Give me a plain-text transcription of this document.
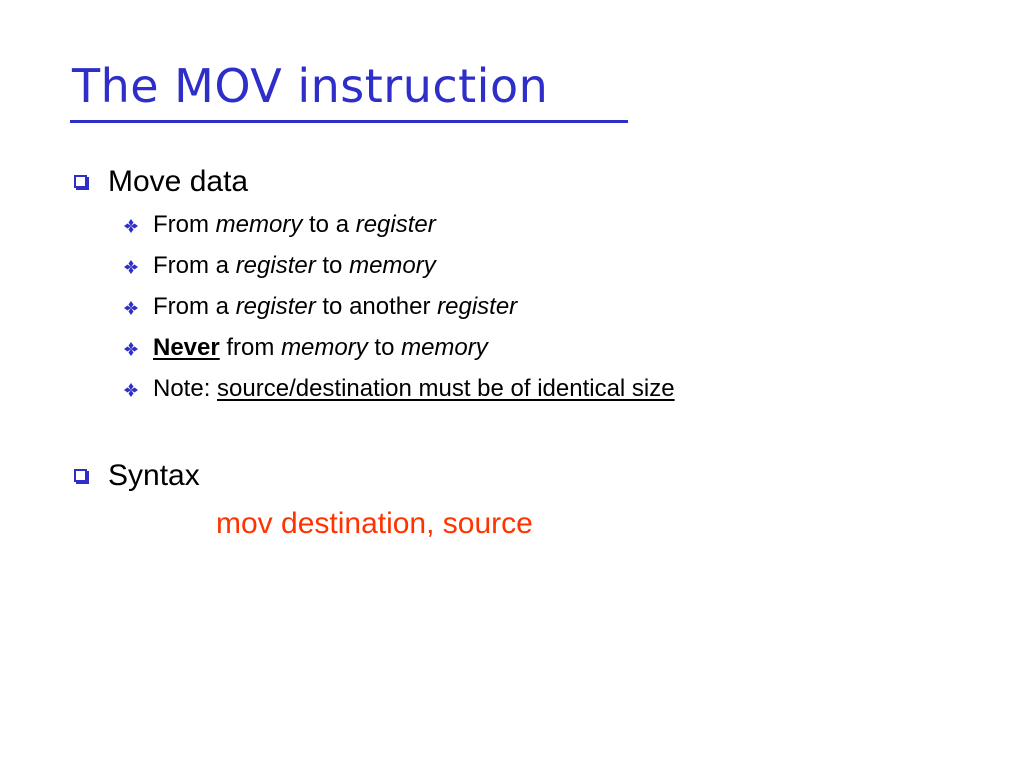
The MOV instruction
Move data
From memory to a register
From a register to memory
From a register to another register
Never from memory to memory
Note: source/destination must be of identical size
Syntax
mov destination, source
